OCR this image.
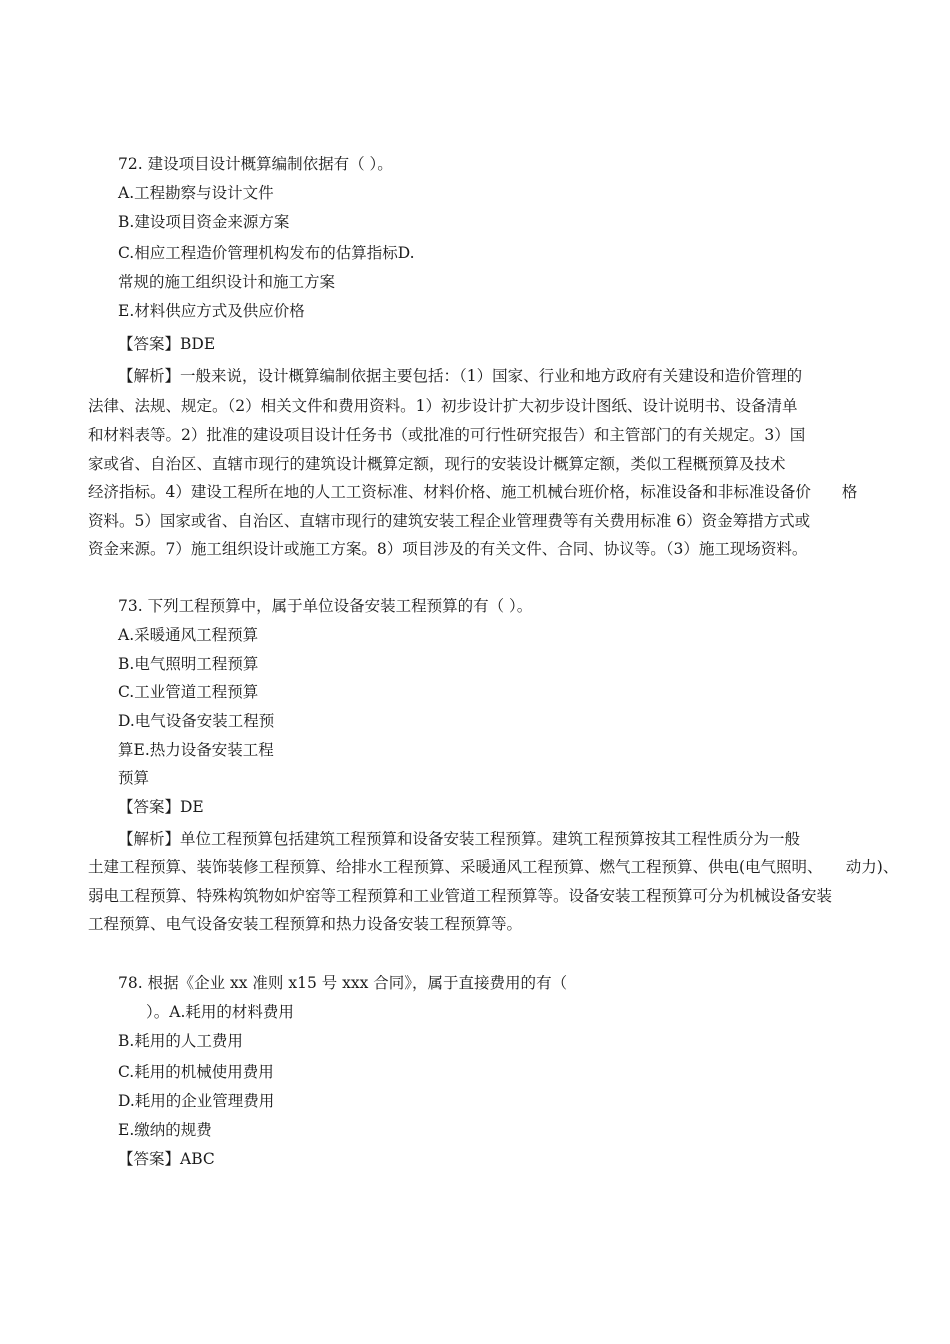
72. 建设项目设计概算编制依据有（ ）。
A.工程勘察与设计文件
B.建设项目资金来源方案
C.相应工程造价管理机构发布的估算指标D.
常规的施工组织设计和施工方案
E.材料供应方式及供应价格
【答案】BDE
【解析】一般来说，设计概算编制依据主要包括：（1）国家、行业和地方政府有关建设和造价管理的
法律、法规、规定。（2）相关文件和费用资料。1）初步设计扩大初步设计图纸、设计说明书、设备清单
和材料表等。2）批准的建设项目设计任务书（或批准的可行性研究报告）和主管部门的有关规定。3）国
家或省、自治区、直辖市现行的建筑设计概算定额，现行的安装设计概算定额，类似工程概预算及技术
经济指标。4）建设工程所在地的人工工资标准、材料价格、施工机械台班价格，标准设备和非标准设备价　　格
资料。5）国家或省、自治区、直辖市现行的建筑安装工程企业管理费等有关费用标准 6）资金筹措方式或
资金来源。7）施工组织设计或施工方案。8）项目涉及的有关文件、合同、协议等。（3）施工现场资料。
73. 下列工程预算中，属于单位设备安装工程预算的有（ ）。
A.采暖通风工程预算
B.电气照明工程预算
C.工业管道工程预算
D.电气设备安装工程预
算E.热力设备安装工程
预算
【答案】DE
【解析】单位工程预算包括建筑工程预算和设备安装工程预算。建筑工程预算按其工程性质分为一般
土建工程预算、装饰装修工程预算、给排水工程预算、采暖通风工程预算、燃气工程预算、供电(电气照明、　　动力)、
弱电工程预算、特殊构筑物如炉窑等工程预算和工业管道工程预算等。设备安装工程预算可分为机械设备安装
工程预算、电气设备安装工程预算和热力设备安装工程预算等。
78. 根据《企业 xx 准则 x15 号 xxx 合同》，属于直接费用的有（
）。A.耗用的材料费用
B.耗用的人工费用
C.耗用的机械使用费用
D.耗用的企业管理费用
E.缴纳的规费
【答案】ABC
